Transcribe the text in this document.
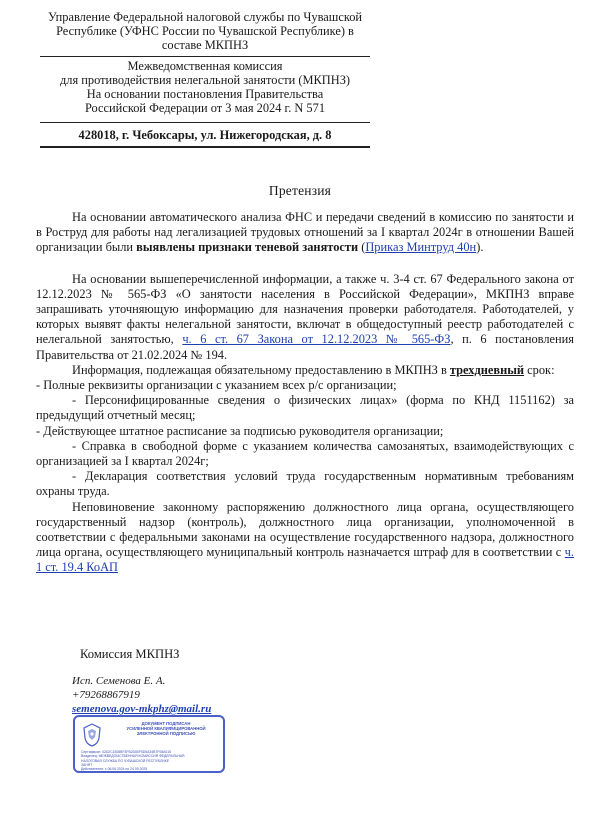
Управление Федеральной налоговой службы по Чувашской
Республике (УФНС России по Чувашской Республике) в
составе МКПНЗ
Межведомственная комиссия
для противодействия нелегальной занятости (МКПНЗ)
На основании постановления Правительства
Российской Федерации от 3 мая 2024 г. N 571
428018, г. Чебоксары, ул. Нижегородская, д. 8
Претензия

На основании автоматического анализа ФНС и передачи сведений в комиссию по занятости и в Роструд для работы над легализацией трудовых отношений за I квартал 2024г в отношении Вашей организации были выявлены признаки теневой занятости (Приказ Минтруд 40н).

На основании вышеперечисленной информации, а также ч. 3-4 ст. 67 Федерального закона от 12.12.2023 № 565-ФЗ «О занятости населения в Российской Федерации», МКПНЗ вправе запрашивать уточняющую информацию для назначения проверки работодателя. Работодателей, у которых выявят факты нелегальной занятости, включат в общедоступный реестр работодателей с нелегальной занятостью, ч. 6 ст. 67 Закона от 12.12.2023 № 565-ФЗ, п. 6 постановления Правительства от 21.02.2024 № 194.

Информация, подлежащая обязательному предоставлению в МКПНЗ в трехдневный срок:

- Полные реквизиты организации с указанием всех р/с организации;

- Персонифицированные сведения о физических лицах» (форма по КНД 1151162) за предыдущий отчетный месяц;

- Действующее штатное расписание за подписью руководителя организации;

- Справка в свободной форме с указанием количества самозанятых, взаимодействующих с организацией за I квартал 2024г;

- Декларация соответствия условий труда государственным нормативным требованиям охраны труда.

Неповиновение законному распоряжению должностного лица органа, осуществляющего государственный надзор (контроль), должностного лица организации, уполномоченной в соответствии с федеральными законами на осуществление государственного надзора, должностного лица органа, осуществляющего муниципальный контроль назначается штраф для в соответствии с ч. 1 ст. 19.4 КоАП

Комиссия МКПНЗ
Исп. Семенова Е. А.
+79268867919
semenova.gov-mkphz@mail.ru
ДОКУМЕНТ ПОДПИСАН
УСИЛЕННОЙ КВАЛИФИЦИРОВАННОЙ
ЭЛЕКТРОННОЙ ПОДПИСЬЮ
Сертификат: 02D2C1508BF3FB2D80F5D5A34B7F08A015
Владелец: МЕЖВЕДОМСТВЕННАЯ КОМИССИЯ ФЕДЕРАЛЬНАЯ
НАЛОГОВАЯ СЛУЖБА ПО ЧУВАШСКОЙ РЕСПУБЛИКЕ
ЗАНЯТ
Действителен: с 06.06.2024 по 24.09.2025
